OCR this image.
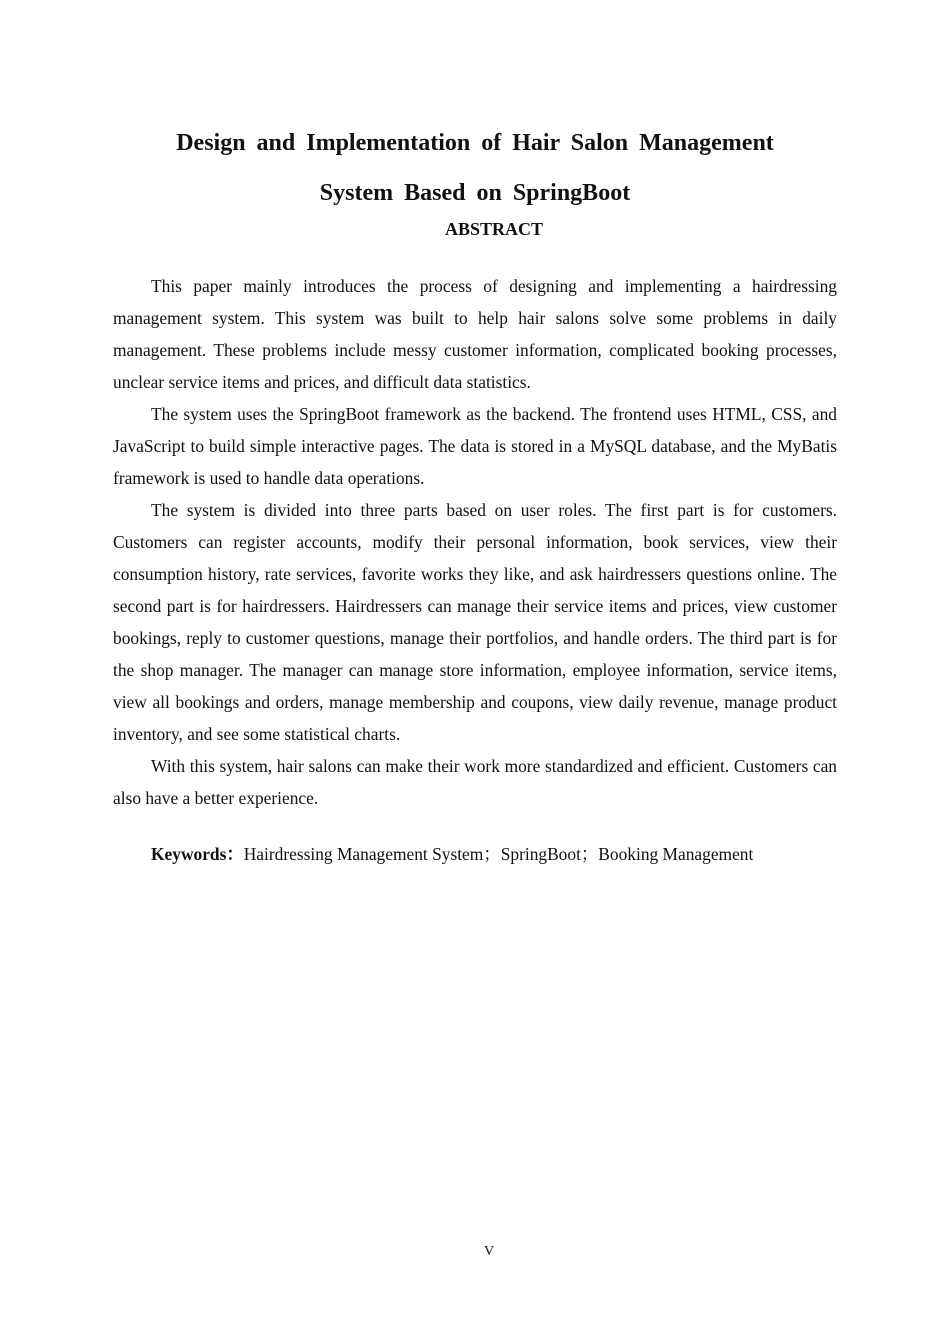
Design and Implementation of Hair Salon Management

System Based on SpringBoot

ABSTRACT

This paper mainly introduces the process of designing and implementing a hairdressing management system. This system was built to help hair salons solve some problems in daily management. These problems include messy customer information, complicated booking processes, unclear service items and prices, and difficult data statistics.

The system uses the SpringBoot framework as the backend. The frontend uses HTML, CSS, and JavaScript to build simple interactive pages. The data is stored in a MySQL database, and the MyBatis framework is used to handle data operations.

The system is divided into three parts based on user roles. The first part is for customers. Customers can register accounts, modify their personal information, book services, view their consumption history, rate services, favorite works they like, and ask hairdressers questions online. The second part is for hairdressers. Hairdressers can manage their service items and prices, view customer bookings, reply to customer questions, manage their portfolios, and handle orders. The third part is for the shop manager. The manager can manage store information, employee information, service items, view all bookings and orders, manage membership and coupons, view daily revenue, manage product inventory, and see some statistical charts.

With this system, hair salons can make their work more standardized and efficient. Customers can also have a better experience.

Keywords：Hairdressing Management System；SpringBoot；Booking Management

V
